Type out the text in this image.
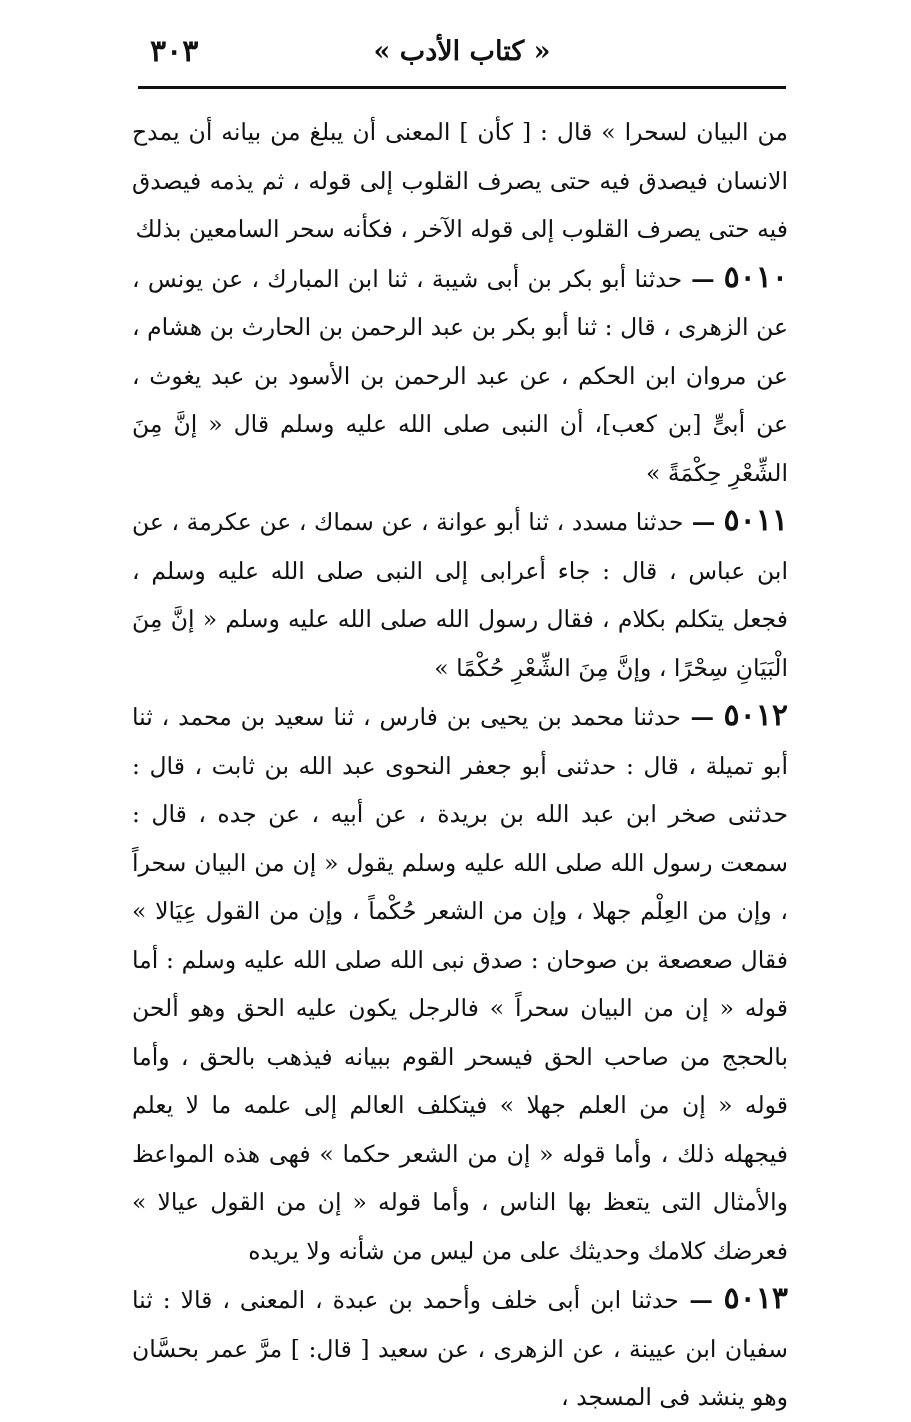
٣٠٣	« كتاب الأدب »

من البيان لسحرا » قال : [ كأن ] المعنى أن يبلغ من بيانه أن يمدح الانسان فيصدق فيه حتى يصرف القلوب إلى قوله ، ثم يذمه فيصدق فيه حتى يصرف القلوب إلى قوله الآخر ، فكأنه سحر السامعين بذلك

٥٠١٠ — حدثنا أبو بكر بن أبى شيبة ، ثنا ابن المبارك ، عن يونس ، عن الزهرى ، قال : ثنا أبو بكر بن عبد الرحمن بن الحارث بن هشام ، عن مروان ابن الحكم ، عن عبد الرحمن بن الأسود بن عبد يغوث ، عن أبىٍّ [بن كعب]، أن النبى صلى الله عليه وسلم قال « إنَّ مِنَ الشِّعْرِ حِكْمَةً »

٥٠١١ — حدثنا مسدد ، ثنا أبو عوانة ، عن سماك ، عن عكرمة ، عن ابن عباس ، قال : جاء أعرابى إلى النبى صلى الله عليه وسلم ، فجعل يتكلم بكلام ، فقال رسول الله صلى الله عليه وسلم « إنَّ مِنَ الْبَيَانِ سِحْرًا ، وإنَّ مِنَ الشِّعْرِ حُكْمًا »

٥٠١٢ — حدثنا محمد بن يحيى بن فارس ، ثنا سعيد بن محمد ، ثنا أبو تميلة ، قال : حدثنى أبو جعفر النحوى عبد الله بن ثابت ، قال : حدثنى صخر ابن عبد الله بن بريدة ، عن أبيه ، عن جده ، قال : سمعت رسول الله صلى الله عليه وسلم يقول « إن من البيان سحراً ، وإن من العِلْم جهلا ، وإن من الشعر حُكْماً ، وإن من القول عِيَالا » فقال صعصعة بن صوحان : صدق نبى الله صلى الله عليه وسلم : أما قوله « إن من البيان سحراً » فالرجل يكون عليه الحق وهو ألحن بالحجج من صاحب الحق فيسحر القوم ببيانه فيذهب بالحق ، وأما قوله « إن من العلم جهلا » فيتكلف العالم إلى علمه ما لا يعلم فيجهله ذلك ، وأما قوله « إن من الشعر حكما » فهى هذه المواعظ والأمثال التى يتعظ بها الناس ، وأما قوله « إن من القول عيالا » فعرضك كلامك وحديثك على من ليس من شأنه ولا يريده

٥٠١٣ — حدثنا ابن أبى خلف وأحمد بن عبدة ، المعنى ، قالا : ثنا سفيان ابن عيينة ، عن الزهرى ، عن سعيد [ قال: ] مرَّ عمر بحسَّان وهو ينشد فى المسجد ،
